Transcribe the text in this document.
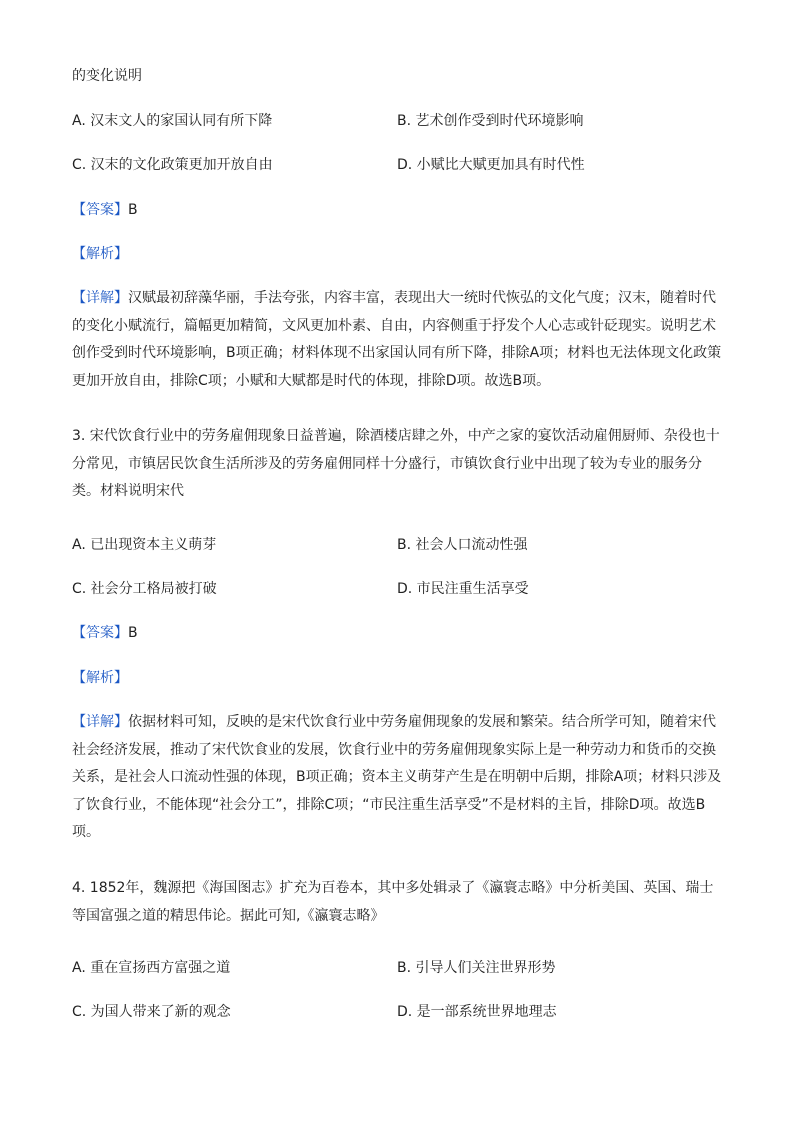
的变化说明
A. 汉末文人的家国认同有所下降	B. 艺术创作受到时代环境影响
C. 汉末的文化政策更加开放自由	D. 小赋比大赋更加具有时代性
【答案】B
【解析】
【详解】汉赋最初辞藻华丽，手法夸张，内容丰富，表现出大一统时代恢弘的文化气度；汉末，随着时代的变化小赋流行，篇幅更加精简，文风更加朴素、自由，内容侧重于抒发个人心志或针砭现实。说明艺术创作受到时代环境影响，B项正确；材料体现不出家国认同有所下降，排除A项；材料也无法体现文化政策更加开放自由，排除C项；小赋和大赋都是时代的体现，排除D项。故选B项。
3. 宋代饮食行业中的劳务雇佣现象日益普遍，除酒楼店肆之外，中产之家的宴饮活动雇佣厨师、杂役也十分常见，市镇居民饮食生活所涉及的劳务雇佣同样十分盛行，市镇饮食行业中出现了较为专业的服务分类。材料说明宋代
A. 已出现资本主义萌芽	B. 社会人口流动性强
C. 社会分工格局被打破	D. 市民注重生活享受
【答案】B
【解析】
【详解】依据材料可知，反映的是宋代饮食行业中劳务雇佣现象的发展和繁荣。结合所学可知，随着宋代社会经济发展，推动了宋代饮食业的发展，饮食行业中的劳务雇佣现象实际上是一种劳动力和货币的交换关系，是社会人口流动性强的体现，B项正确；资本主义萌芽产生是在明朝中后期，排除A项；材料只涉及了饮食行业，不能体现“社会分工”，排除C项；“市民注重生活享受”不是材料的主旨，排除D项。故选B项。
4. 1852年，魏源把《海国图志》扩充为百卷本，其中多处辑录了《瀛寰志略》中分析美国、英国、瑞士等国富强之道的精思伟论。据此可知,《瀛寰志略》
A. 重在宣扬西方富强之道	B. 引导人们关注世界形势
C. 为国人带来了新的观念	D. 是一部系统世界地理志
